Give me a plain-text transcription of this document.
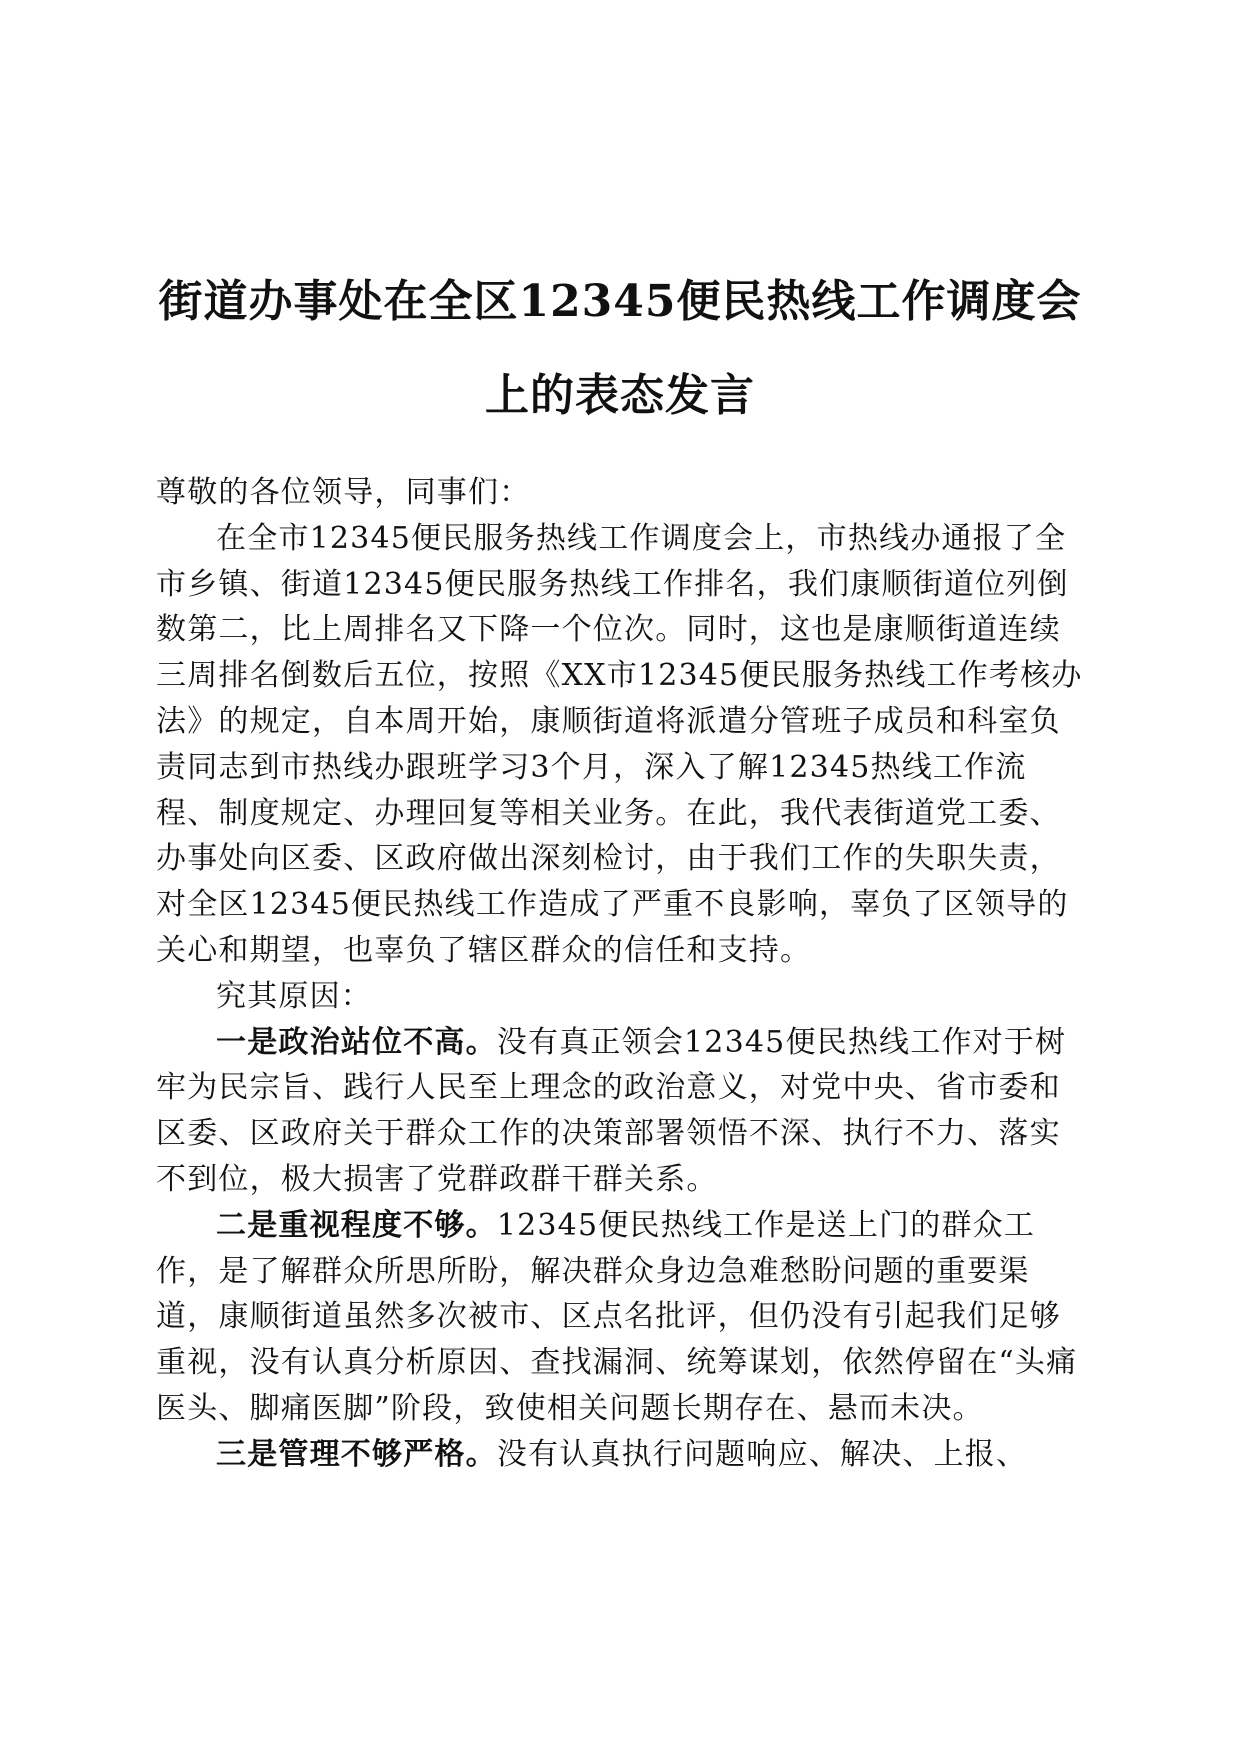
街道办事处在全区12345便民热线工作调度会
上的表态发言

尊敬的各位领导，同事们：

在全市12345便民服务热线工作调度会上，市热线办通报了全市乡镇、街道12345便民服务热线工作排名，我们康顺街道位列倒数第二，比上周排名又下降一个位次。同时，这也是康顺街道连续三周排名倒数后五位，按照《XX市12345便民服务热线工作考核办法》的规定，自本周开始，康顺街道将派遣分管班子成员和科室负责同志到市热线办跟班学习3个月，深入了解12345热线工作流程、制度规定、办理回复等相关业务。在此，我代表街道党工委、办事处向区委、区政府做出深刻检讨，由于我们工作的失职失责，对全区12345便民热线工作造成了严重不良影响，辜负了区领导的关心和期望，也辜负了辖区群众的信任和支持。

究其原因：

一是政治站位不高。没有真正领会12345便民热线工作对于树牢为民宗旨、践行人民至上理念的政治意义，对党中央、省市委和区委、区政府关于群众工作的决策部署领悟不深、执行不力、落实不到位，极大损害了党群政群干群关系。

二是重视程度不够。12345便民热线工作是送上门的群众工作，是了解群众所思所盼，解决群众身边急难愁盼问题的重要渠道，康顺街道虽然多次被市、区点名批评，但仍没有引起我们足够重视，没有认真分析原因、查找漏洞、统筹谋划，依然停留在“头痛医头、脚痛医脚”阶段，致使相关问题长期存在、悬而未决。

三是管理不够严格。没有认真执行问题响应、解决、上报、
